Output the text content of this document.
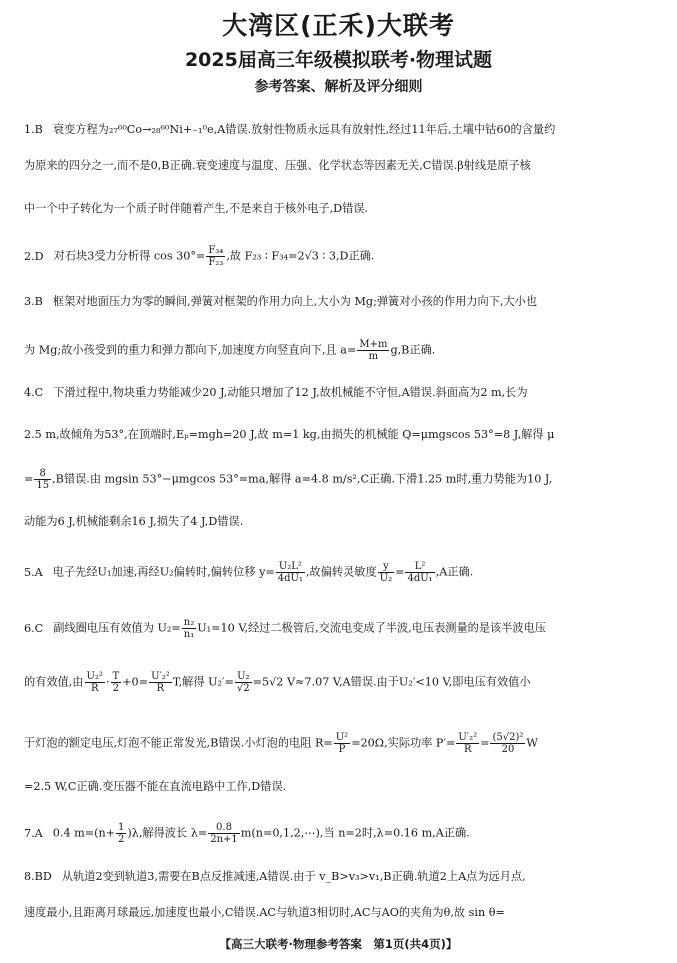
大湾区(正禾)大联考
2025届高三年级模拟联考·物理试题
参考答案、解析及评分细则
1.B 衰变方程为₂₇⁶⁰Co→₂₈⁶⁰Ni+₋₁⁰e,A错误.放射性物质永远具有放射性,经过11年后,土壤中钴60的含量约
为原来的四分之一,而不是0,B正确.衰变速度与温度、压强、化学状态等因素无关,C错误.β射线是原子核
中一个中子转化为一个质子时伴随着产生,不是来自于核外电子,D错误.
2.D 对石块3受力分析得 $\cos 30^\circ= \frac{\text{F₃₄}}{\text{F₂₃}}$ ,故 F₂₃ ∶ F₃₄=2√3 ∶ 3,D正确.
3.B 框架对地面压力为零的瞬间,弹簧对框架的作用力向上,大小为 Mg;弹簧对小孩的作用力向下,大小也
为 Mg;故小孩受到的重力和弹力都向下,加速度方向竖直向下,且 $a= \frac{M+m}{m} g,B$正确.
4.C 下滑过程中,物块重力势能减少20 J,动能只增加了12 J,故机械能不守恒,A错误.斜面高为2 m,长为
2.5 m,故倾角为53°,在顶端时,Eₚ=mgh=20 J,故 m=1 kg,由损失的机械能 Q=μmgscos 53°=8 J,解得 μ
= $\frac{8}{15} ,B$错误.由 mgsin 53°−μmgcos 53°=ma,解得 a=4.8 m/s²,C正确.下滑1.25 m时,重力势能为10 J,
动能为6 J,机械能剩余16 J,损失了4 J,D错误.
5.A 电子先经U₁加速,再经U₂偏转时,偏转位移 $y= \frac{\text{U₂L²}}{\text{4dU₁}}$ ,故偏转灵敏度 $\frac{y}{\text{U₂}} = \frac{\text{L²}}{\text{4dU₁}} ,A$正确.
6.C 副线圈电压有效值为 $U_2= \frac{\text{n₂}}{\text{n₁}} U_1=10$ V,经过二极管后,交流电变成了半波,电压表测量的是该半波电压
的有效值,由 $\frac{\text{U₂²}}{R} \cdot \frac{T}{2} +0= \frac{\text{U′₂²}}{R} T$,解得 $U_2'= \frac{\text{U₂}}{√2} =5√2$ V≈7.07 V,A错误.由于U₂′<10 V,即电压有效值小
于灯泡的额定电压,灯泡不能正常发光,B错误.小灯泡的电阻 $R= \frac{\text{U²}}{P} =20\Omega$,实际功率 $P'= \frac{\text{U′₂²}}{R} = \frac{\text{(5√2)²}}{20}$ W
=2.5 W,C正确.变压器不能在直流电路中工作,D错误.
7.A 0.4 $m=(n+ \frac{1}{2} )\lambda$,解得波长 $\lambda= \frac{0.8}{2n+1}$ m(n=0,1,2,⋯),当 n=2时,λ=0.16 m,A正确.
8.BD 从轨道2变到轨道3,需要在B点反推减速,A错误.由于 v_B>v₃>v₁,B正确.轨道2上A点为远月点,
速度最小,且距离月球最远,加速度也最小,C错误.AC与轨道3相切时,AC与AO的夹角为θ,故 sin θ=
【高三大联考·物理参考答案　第1页(共4页)】
